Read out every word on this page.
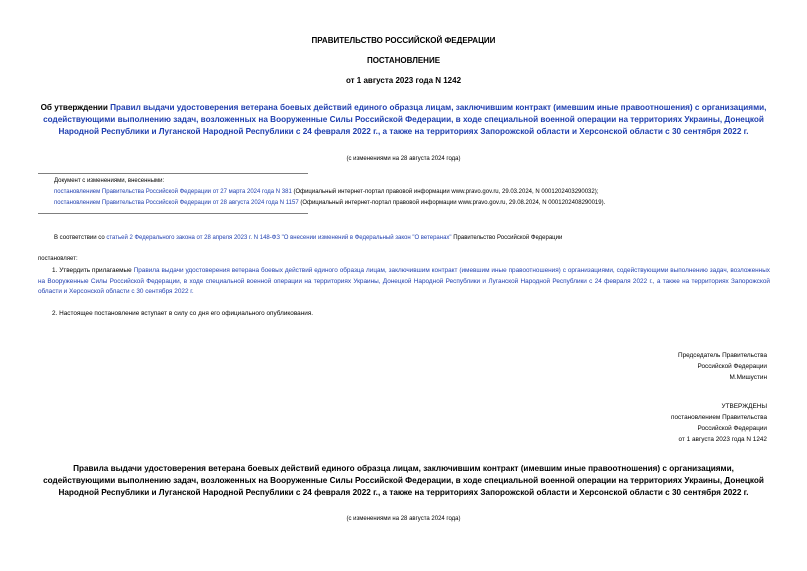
ПРАВИТЕЛЬСТВО РОССИЙСКОЙ ФЕДЕРАЦИИ
ПОСТАНОВЛЕНИЕ
от 1 августа 2023 года N 1242
Об утверждении Правил выдачи удостоверения ветерана боевых действий единого образца лицам, заключившим контракт (имевшим иные правоотношения) с организациями, содействующими выполнению задач, возложенных на Вооруженные Силы Российской Федерации, в ходе специальной военной операции на территориях Украины, Донецкой Народной Республики и Луганской Народной Республики с 24 февраля 2022 г., а также на территориях Запорожской области и Херсонской области с 30 сентября 2022 г.
(с изменениями на 28 августа 2024 года)
Документ с изменениями, внесенными:
постановлением Правительства Российской Федерации от 27 марта 2024 года N 381 (Официальный интернет-портал правовой информации www.pravo.gov.ru, 29.03.2024, N 0001202403290032);
постановлением Правительства Российской Федерации от 28 августа 2024 года N 1157 (Официальный интернет-портал правовой информации www.pravo.gov.ru, 29.08.2024, N 0001202408290019).
В соответствии со статьей 2 Федерального закона от 28 апреля 2023 г. N 148-ФЗ "О внесении изменений в Федеральный закон "О ветеранах" Правительство Российской Федерации
постановляет:
1. Утвердить прилагаемые Правила выдачи удостоверения ветерана боевых действий единого образца лицам, заключившим контракт (имевшим иные правоотношения) с организациями, содействующими выполнению задач, возложенных на Вооруженные Силы Российской Федерации, в ходе специальной военной операции на территориях Украины, Донецкой Народной Республики и Луганской Народной Республики с 24 февраля 2022 г., а также на территориях Запорожской области и Херсонской области с 30 сентября 2022 г.
2. Настоящее постановление вступает в силу со дня его официального опубликования.
Председатель Правительства
Российской Федерации
М.Мишустин
УТВЕРЖДЕНЫ
постановлением Правительства
Российской Федерации
от 1 августа 2023 года N 1242
Правила выдачи удостоверения ветерана боевых действий единого образца лицам, заключившим контракт (имевшим иные правоотношения) с организациями, содействующими выполнению задач, возложенных на Вооруженные Силы Российской Федерации, в ходе специальной военной операции на территориях Украины, Донецкой Народной Республики и Луганской Народной Республики с 24 февраля 2022 г., а также на территориях Запорожской области и Херсонской области с 30 сентября 2022 г.
(с изменениями на 28 августа 2024 года)
